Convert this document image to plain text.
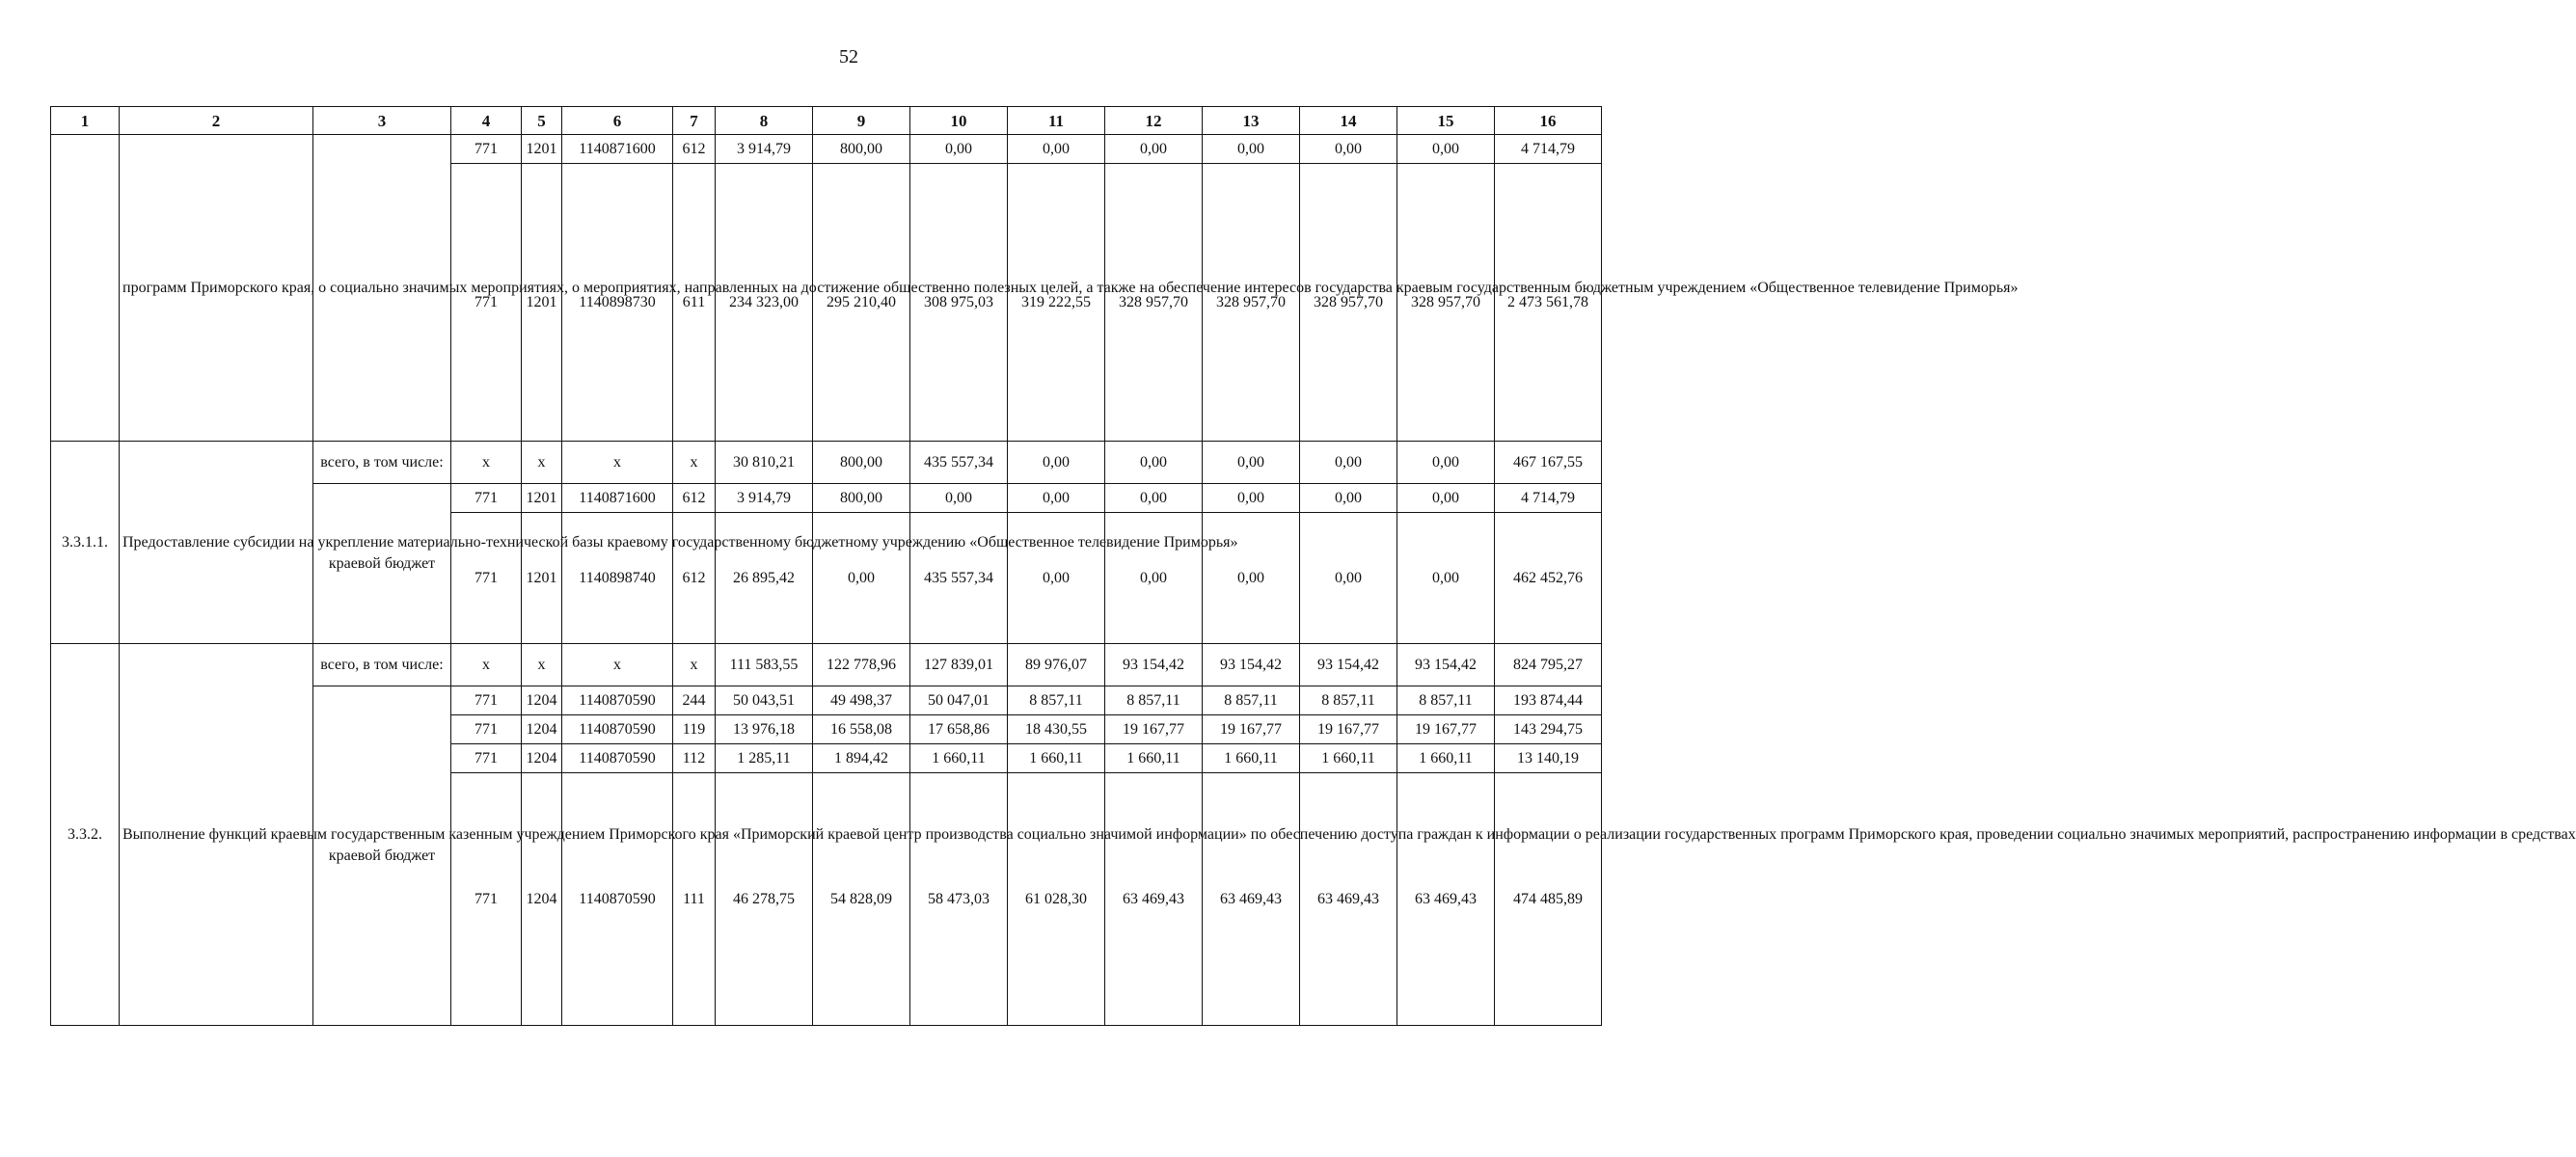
52
1	2	3	4	5	6	7	8	9	10	11	12	13	14	15	16
	программ Приморского края, о социально значимых мероприятиях, о мероприятиях, направленных на достижение общественно полезных целей, а также на обеспечение интересов государства краевым государственным бюджетным учреждением «Общественное телевидение Приморья»		771	1201	1140871600	612	3 914,79	800,00	0,00	0,00	0,00	0,00	0,00	0,00	4 714,79
			771	1201	1140898730	611	234 323,00	295 210,40	308 975,03	319 222,55	328 957,70	328 957,70	328 957,70	328 957,70	2 473 561,78
3.3.1.1.	Предоставление субсидии на укрепление материально-технической базы краевому государственному бюджетному учреждению «Общественное телевидение Приморья»	всего, в том числе:	х	х	х	х	30 810,21	800,00	435 557,34	0,00	0,00	0,00	0,00	0,00	467 167,55
		краевой бюджет	771	1201	1140871600	612	3 914,79	800,00	0,00	0,00	0,00	0,00	0,00	0,00	4 714,79
			771	1201	1140898740	612	26 895,42	0,00	435 557,34	0,00	0,00	0,00	0,00	0,00	462 452,76
3.3.2.	Выполнение функций краевым государственным казенным учреждением Приморского края «Приморский краевой центр производства социально значимой информации» по обеспечению доступа граждан к информации о реализации государственных программ Приморского края, проведении социально значимых мероприятий, распространению информации в средствах	всего, в том числе:	х	х	х	х	111 583,55	122 778,96	127 839,01	89 976,07	93 154,42	93 154,42	93 154,42	93 154,42	824 795,27
		краевой бюджет	771	1204	1140870590	244	50 043,51	49 498,37	50 047,01	8 857,11	8 857,11	8 857,11	8 857,11	8 857,11	193 874,44
			771	1204	1140870590	119	13 976,18	16 558,08	17 658,86	18 430,55	19 167,77	19 167,77	19 167,77	19 167,77	143 294,75
			771	1204	1140870590	112	1 285,11	1 894,42	1 660,11	1 660,11	1 660,11	1 660,11	1 660,11	1 660,11	13 140,19
			771	1204	1140870590	111	46 278,75	54 828,09	58 473,03	61 028,30	63 469,43	63 469,43	63 469,43	63 469,43	474 485,89
